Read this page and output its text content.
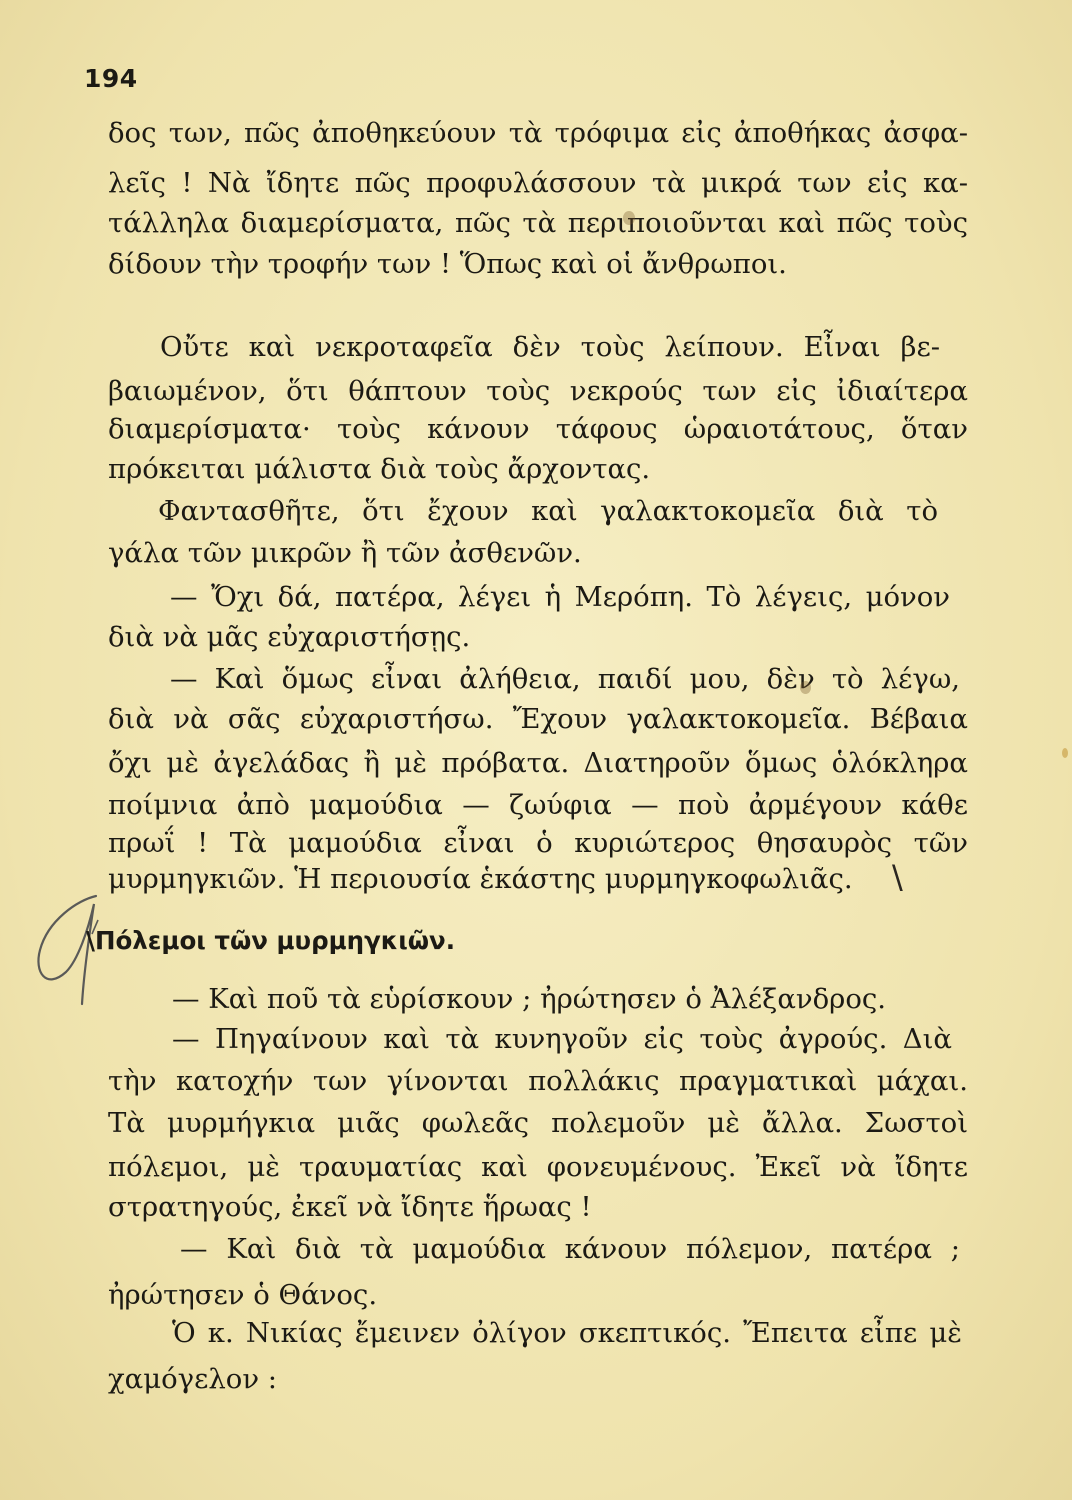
194
δος των, πῶς ἀποθηκεύουν τὰ τρόφιμα εἰς ἀποθήκας ἀσφα-
λεῖς ! Νὰ ἴδητε πῶς προφυλάσσουν τὰ μικρά των εἰς κα-
τάλληλα διαμερίσματα, πῶς τὰ περιποιοῦνται καὶ πῶς τοὺς
δίδουν τὴν τροφήν των ! Ὅπως καὶ οἱ ἄνθρωποι.
Οὔτε καὶ νεκροταφεῖα δὲν τοὺς λείπουν. Εἶναι βε-
βαιωμένον, ὅτι θάπτουν τοὺς νεκρούς των εἰς ἰδιαίτερα
διαμερίσματα· τοὺς κάνουν τάφους ὡραιοτάτους, ὅταν
πρόκειται μάλιστα διὰ τοὺς ἄρχοντας.
Φαντασθῆτε, ὅτι ἔχουν καὶ γαλακτοκομεῖα διὰ τὸ
γάλα τῶν μικρῶν ἢ τῶν ἀσθενῶν.
— Ὄχι δά, πατέρα, λέγει ἡ Μερόπη. Τὸ λέγεις, μόνον
διὰ νὰ μᾶς εὐχαριστήσῃς.
— Καὶ ὅμως εἶναι ἀλήθεια, παιδί μου, δὲν τὸ λέγω,
διὰ νὰ σᾶς εὐχαριστήσω. Ἔχουν γαλακτοκομεῖα. Βέβαια
ὄχι μὲ ἀγελάδας ἢ μὲ πρόβατα. Διατηροῦν ὅμως ὁλόκληρα
ποίμνια ἀπὸ μαμούδια — ζωύφια — ποὺ ἀρμέγουν κάθε
πρωΐ ! Τὰ μαμούδια εἶναι ὁ κυριώτερος θησαυρὸς τῶν
μυρμηγκιῶν. Ἡ περιουσία ἑκάστης μυρμηγκοφωλιᾶς.	\
\Πόλεμοι τῶν μυρμηγκιῶν.
— Καὶ ποῦ τὰ εὑρίσκουν ; ἠρώτησεν ὁ Ἀλέξανδρος.
— Πηγαίνουν καὶ τὰ κυνηγοῦν εἰς τοὺς ἀγρούς. Διὰ
τὴν κατοχήν των γίνονται πολλάκις πραγματικαὶ μάχαι.
Τὰ μυρμήγκια μιᾶς φωλεᾶς πολεμοῦν μὲ ἄλλα. Σωστοὶ
πόλεμοι, μὲ τραυματίας καὶ φονευμένους. Ἐκεῖ νὰ ἴδητε
στρατηγούς, ἐκεῖ νὰ ἴδητε ἥρωας !
— Καὶ διὰ τὰ μαμούδια κάνουν πόλεμον, πατέρα ;
ἠρώτησεν ὁ Θάνος.
Ὁ κ. Νικίας ἔμεινεν ὀλίγον σκεπτικός. Ἔπειτα εἶπε μὲ
χαμόγελον :
